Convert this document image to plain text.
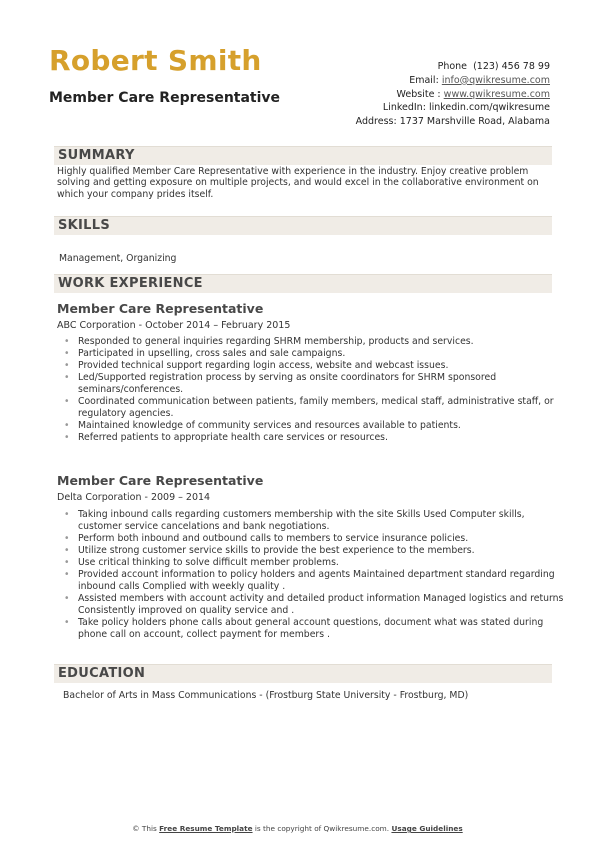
Robert Smith
Member Care Representative
Phone (123) 456 78 99
Email: info@qwikresume.com
Website : www.qwikresume.com
LinkedIn: linkedin.com/qwikresume
Address: 1737 Marshville Road, Alabama
SUMMARY
Highly qualified Member Care Representative with experience in the industry. Enjoy creative problem solving and getting exposure on multiple projects, and would excel in the collaborative environment on which your company prides itself.
SKILLS
Management, Organizing
WORK EXPERIENCE
Member Care Representative
ABC Corporation - October 2014 – February 2015
• Responded to general inquiries regarding SHRM membership, products and services.
• Participated in upselling, cross sales and sale campaigns.
• Provided technical support regarding login access, website and webcast issues.
• Led/Supported registration process by serving as onsite coordinators for SHRM sponsored seminars/conferences.
• Coordinated communication between patients, family members, medical staff, administrative staff, or regulatory agencies.
• Maintained knowledge of community services and resources available to patients.
• Referred patients to appropriate health care services or resources.
Member Care Representative
Delta Corporation - 2009 – 2014
• Taking inbound calls regarding customers membership with the site Skills Used Computer skills, customer service cancelations and bank negotiations.
• Perform both inbound and outbound calls to members to service insurance policies.
• Utilize strong customer service skills to provide the best experience to the members.
• Use critical thinking to solve difficult member problems.
• Provided account information to policy holders and agents Maintained department standard regarding inbound calls Complied with weekly quality .
• Assisted members with account activity and detailed product information Managed logistics and returns Consistently improved on quality service and .
• Take policy holders phone calls about general account questions, document what was stated during phone call on account, collect payment for members .
EDUCATION
Bachelor of Arts in Mass Communications - (Frostburg State University - Frostburg, MD)
© This Free Resume Template is the copyright of Qwikresume.com. Usage Guidelines
